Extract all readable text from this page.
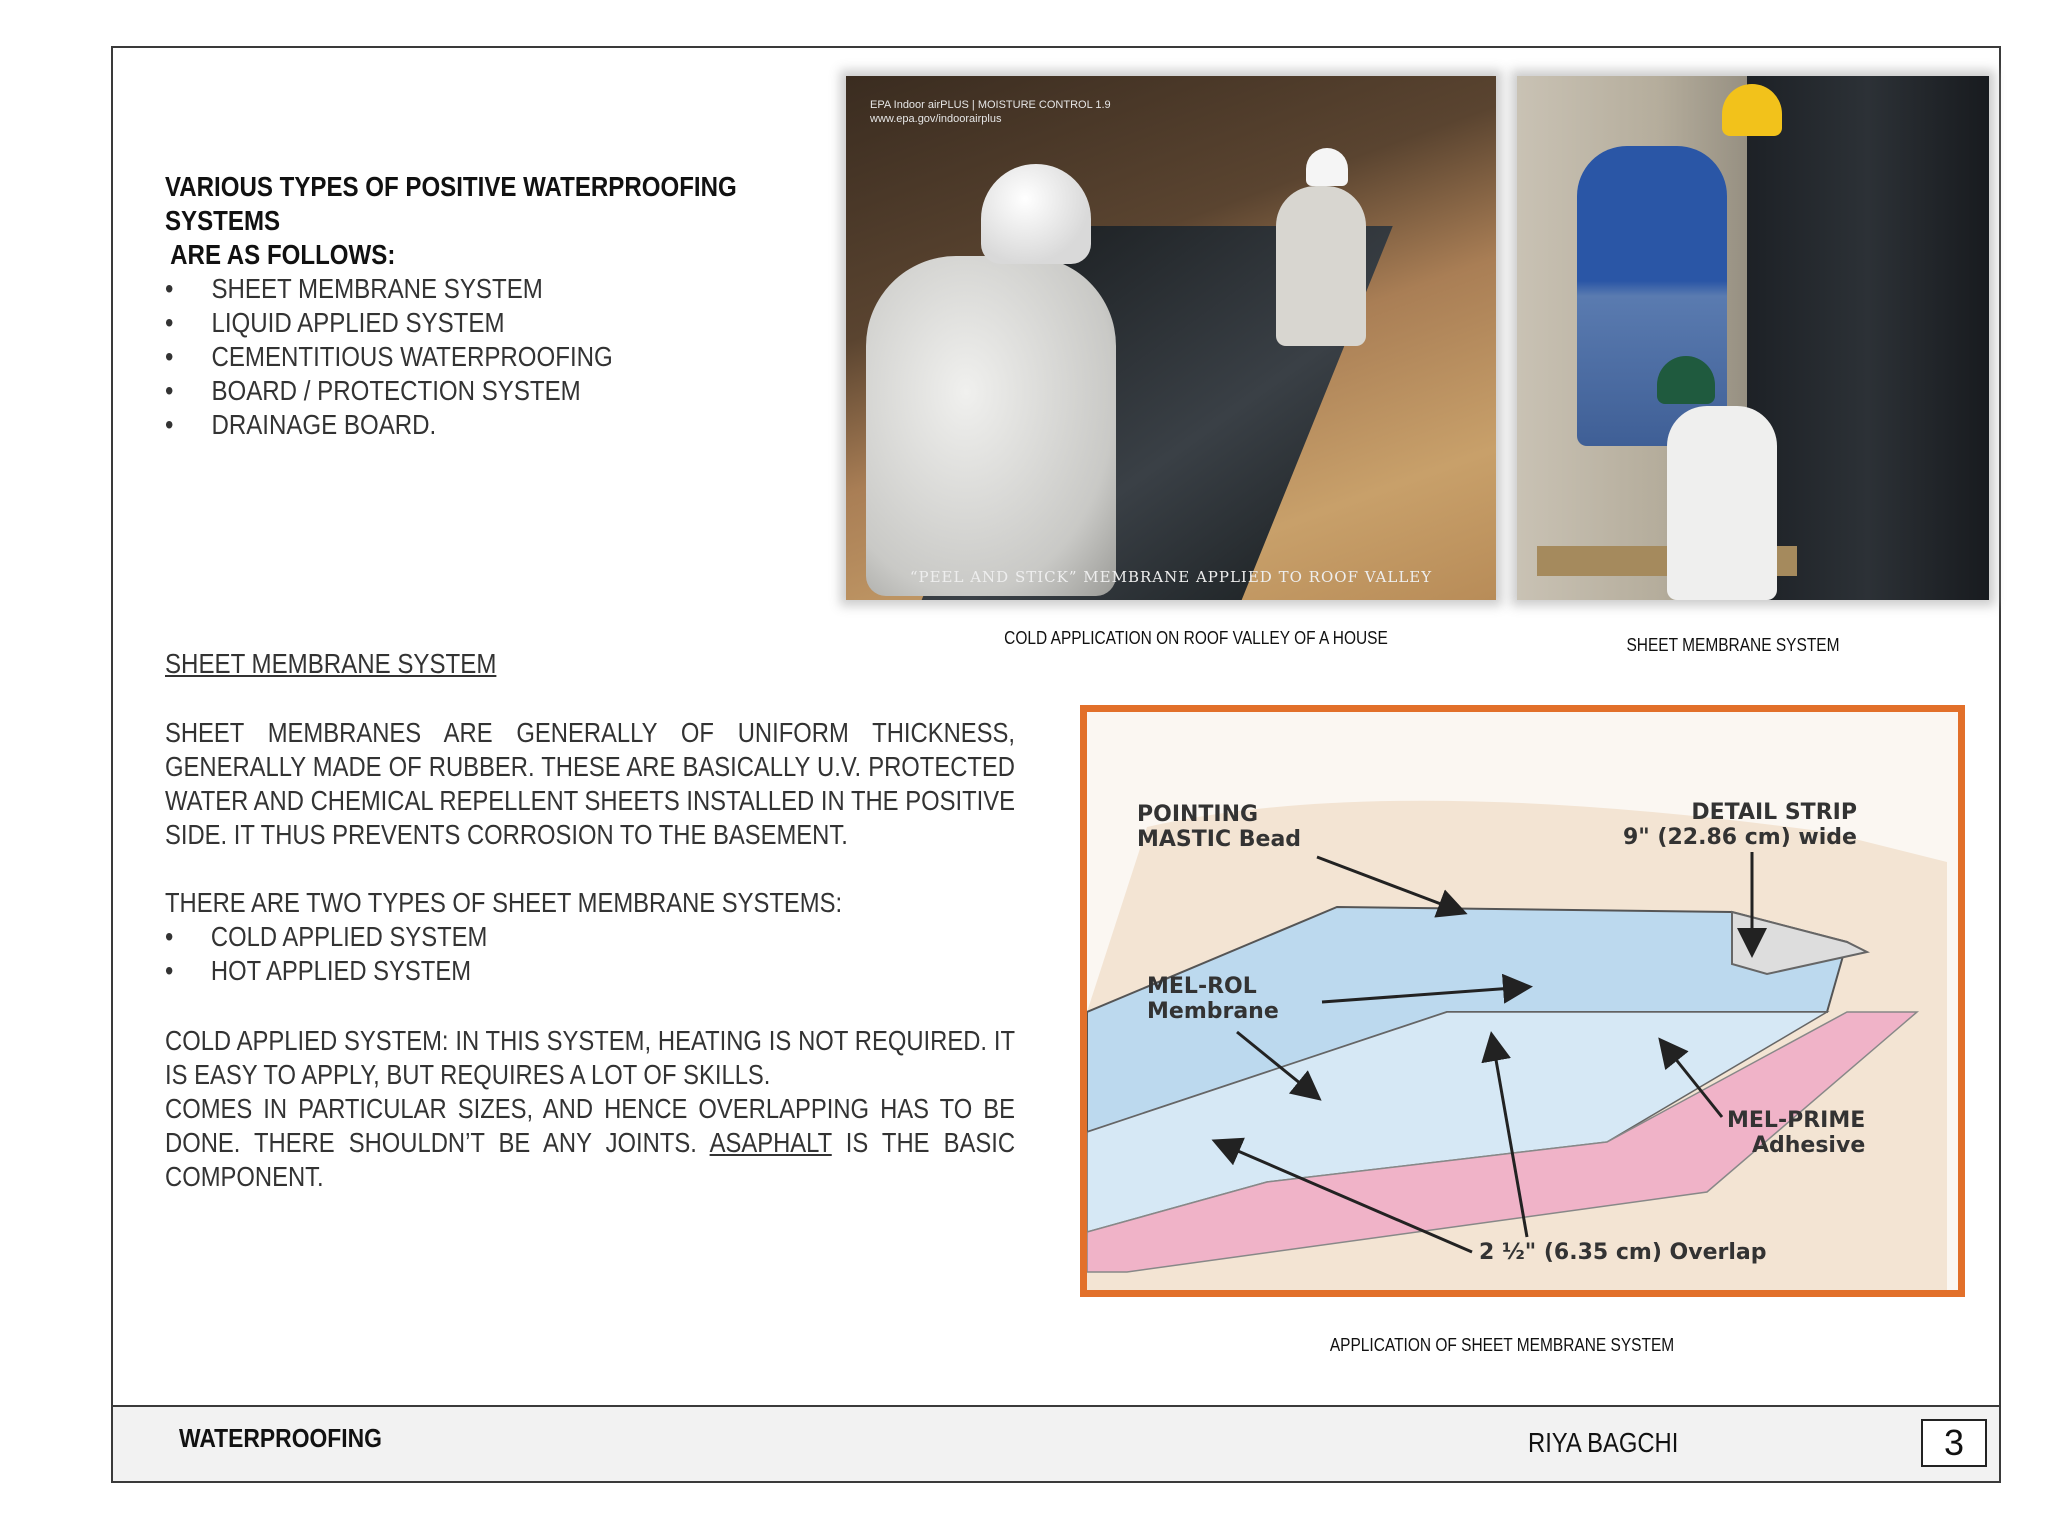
WATERPROOFING	RIYA BAGCHI	3
VARIOUS TYPES OF POSITIVE WATERPROOFING SYSTEMS
ARE AS FOLLOWS:
• SHEET MEMBRANE SYSTEM
• LIQUID APPLIED SYSTEM
• CEMENTITIOUS WATERPROOFING
• BOARD / PROTECTION SYSTEM
• DRAINAGE BOARD.
SHEET MEMBRANE SYSTEM

SHEET MEMBRANES ARE GENERALLY OF UNIFORM THICKNESS, GENERALLY MADE OF RUBBER. THESE ARE BASICALLY U.V. PROTECTED WATER AND CHEMICAL REPELLENT SHEETS INSTALLED IN THE POSITIVE SIDE. IT THUS PREVENTS CORROSION TO THE BASEMENT.

THERE ARE TWO TYPES OF SHEET MEMBRANE SYSTEMS:
• COLD APPLIED SYSTEM
• HOT APPLIED SYSTEM

COLD APPLIED SYSTEM: IN THIS SYSTEM, HEATING IS NOT REQUIRED. IT IS EASY TO APPLY, BUT REQUIRES A LOT OF SKILLS.
COMES IN PARTICULAR SIZES, AND HENCE OVERLAPPING HAS TO BE DONE. THERE SHOULDN’T BE ANY JOINTS. ASAPHALT IS THE BASIC COMPONENT.

EPA Indoor airPLUS | MOISTURE CONTROL 1.9
www.epa.gov/indoorairplus
“PEEL AND STICK” MEMBRANE APPLIED TO ROOF VALLEY
COLD APPLICATION ON ROOF VALLEY OF A HOUSE	SHEET MEMBRANE SYSTEM
POINTING
MASTIC Bead
DETAIL STRIP
9" (22.86 cm) wide
MEL-ROL
Membrane
MEL-PRIME
Adhesive
2 ½" (6.35 cm) Overlap
APPLICATION OF SHEET MEMBRANE SYSTEM
